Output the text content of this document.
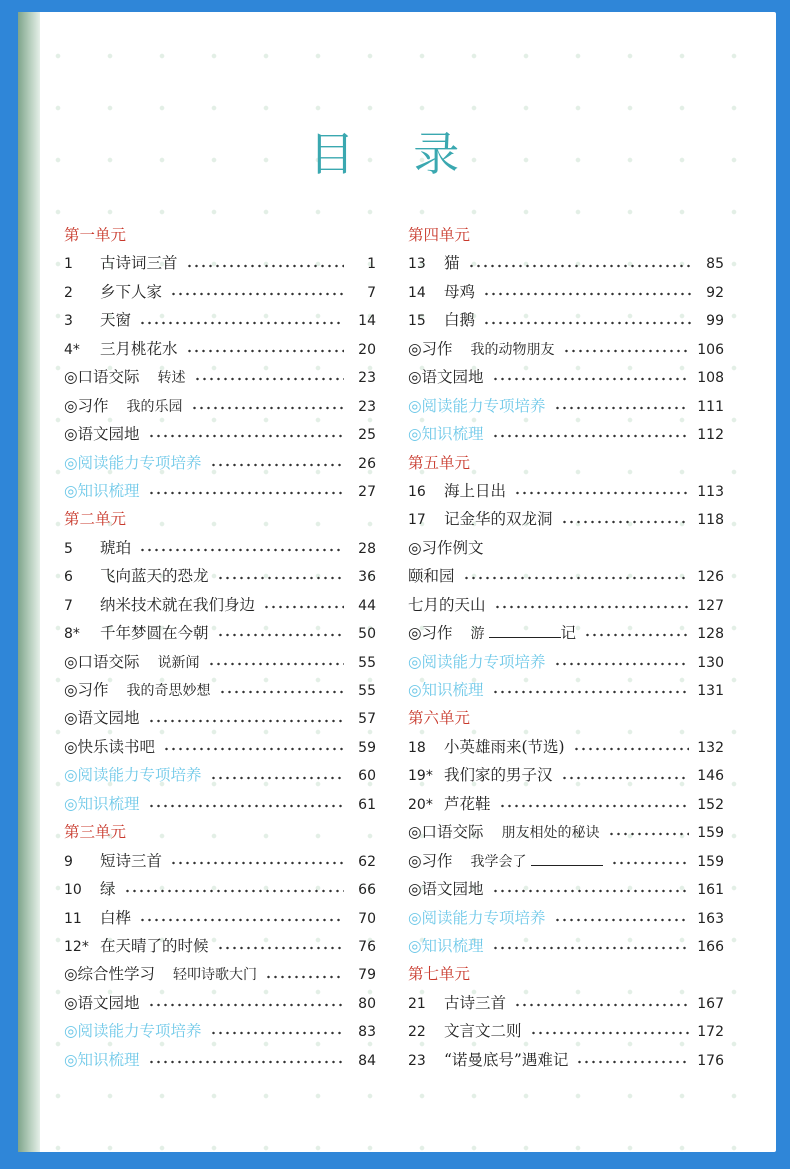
目 录
第一单元
1	古诗词三首	1
2	乡下人家	7
3	天窗	14
4*	三月桃花水	20
◎口语交际 转述	23
◎习作 我的乐园	23
◎语文园地	25
◎阅读能力专项培养	26
◎知识梳理	27
第二单元
5	琥珀	28
6	飞向蓝天的恐龙	36
7	纳米技术就在我们身边	44
8*	千年梦圆在今朝	50
◎口语交际 说新闻	55
◎习作 我的奇思妙想	55
◎语文园地	57
◎快乐读书吧	59
◎阅读能力专项培养	60
◎知识梳理	61
第三单元
9	短诗三首	62
10	绿	66
11	白桦	70
12* 在天晴了的时候	76
◎综合性学习 轻叩诗歌大门	79
◎语文园地	80
◎阅读能力专项培养	83
◎知识梳理	84
第四单元
13	猫	85
14	母鸡	92
15	白鹅	99
◎习作 我的动物朋友	106
◎语文园地	108
◎阅读能力专项培养	111
◎知识梳理	112
第五单元
16	海上日出	113
17	记金华的双龙洞	118
◎习作例文
颐和园	126
七月的天山	127
◎习作 游	记	128
◎阅读能力专项培养	130
◎知识梳理	131
第六单元
18	小英雄雨来(节选)	132
19* 我们家的男子汉	146
20* 芦花鞋	152
◎口语交际 朋友相处的秘诀	159
◎习作 我学会了	159
◎语文园地	161
◎阅读能力专项培养	163
◎知识梳理	166
第七单元
21	古诗三首	167
22	文言文二则	172
23	“诺曼底号”遇难记	176
